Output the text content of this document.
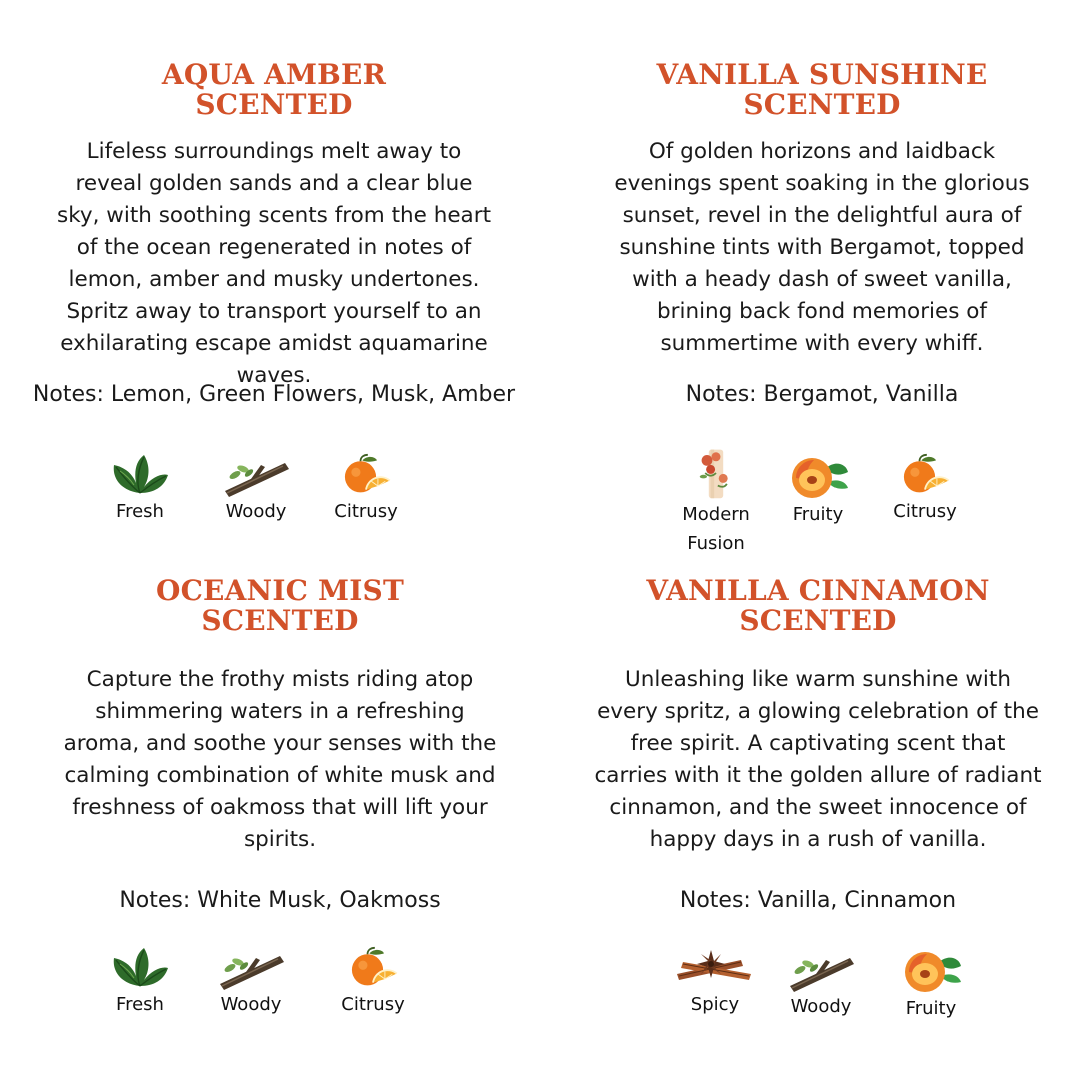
AQUA AMBER
SCENTED

Lifeless surroundings melt away to reveal golden sands and a clear blue sky, with soothing scents from the heart of the ocean regenerated in notes of lemon, amber and musky undertones. Spritz away to transport yourself to an exhilarating escape amidst aquamarine waves.

Notes: Lemon, Green Flowers, Musk, Amber
Fresh	Woody	Citrusy
VANILLA SUNSHINE
SCENTED

Of golden horizons and laidback evenings spent soaking in the glorious sunset, revel in the delightful aura of sunshine tints with Bergamot, topped with a heady dash of sweet vanilla, brining back fond memories of summertime with every whiff.

Notes: Bergamot, Vanilla
Modern Fusion
Fruity	Citrusy
OCEANIC MIST
SCENTED

Capture the frothy mists riding atop shimmering waters in a refreshing aroma, and soothe your senses with the calming combination of white musk and freshness of oakmoss that will lift your spirits.

Notes: White Musk, Oakmoss
Fresh	Woody	Citrusy
VANILLA CINNAMON
SCENTED

Unleashing like warm sunshine with every spritz, a glowing celebration of the free spirit. A captivating scent that carries with it the golden allure of radiant cinnamon, and the sweet innocence of happy days in a rush of vanilla.

Notes: Vanilla, Cinnamon
Spicy	Woody	Fruity
